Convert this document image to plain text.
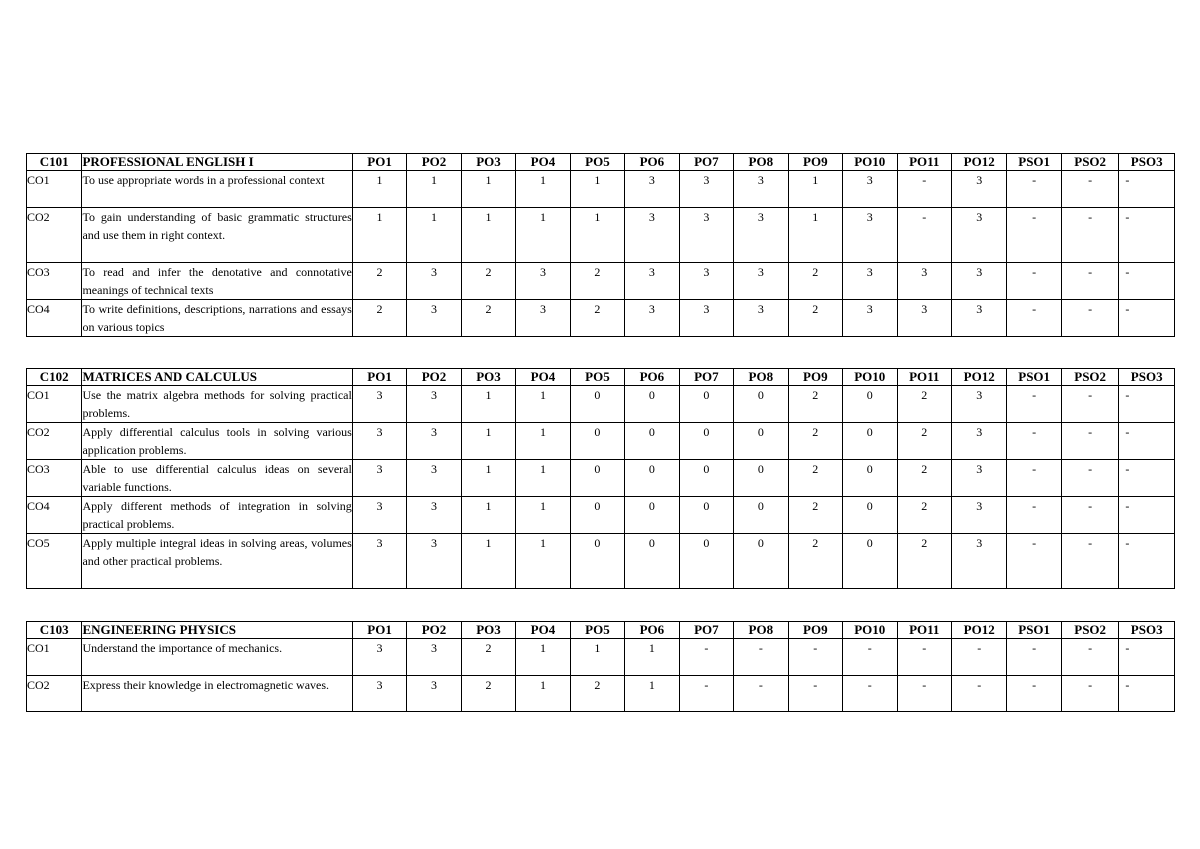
C101	PROFESSIONAL ENGLISH I	PO1	PO2	PO3	PO4	PO5	PO6	PO7	PO8	PO9	PO10	PO11	PO12	PSO1	PSO2	PSO3
CO1	To use appropriate words in a professional context	1	1	1	1	1	3	3	3	1	3	-	3	-	-	-
CO2	To gain understanding of basic grammatic structures and use them in right context.	1	1	1	1	1	3	3	3	1	3	-	3	-	-	-
CO3	To read and infer the denotative and connotative meanings of technical texts	2	3	2	3	2	3	3	3	2	3	3	3	-	-	-
CO4	To write definitions, descriptions, narrations and essays on various topics	2	3	2	3	2	3	3	3	2	3	3	3	-	-	-
C102	MATRICES AND CALCULUS	PO1	PO2	PO3	PO4	PO5	PO6	PO7	PO8	PO9	PO10	PO11	PO12	PSO1	PSO2	PSO3
CO1	Use the matrix algebra methods for solving practical problems.	3	3	1	1	0	0	0	0	2	0	2	3	-	-	-
CO2	Apply differential calculus tools in solving various application problems.	3	3	1	1	0	0	0	0	2	0	2	3	-	-	-
CO3	Able to use differential calculus ideas on several variable functions.	3	3	1	1	0	0	0	0	2	0	2	3	-	-	-
CO4	Apply different methods of integration in solving practical problems.	3	3	1	1	0	0	0	0	2	0	2	3	-	-	-
CO5	Apply multiple integral ideas in solving areas, volumes and other practical problems.	3	3	1	1	0	0	0	0	2	0	2	3	-	-	-
C103	ENGINEERING PHYSICS	PO1	PO2	PO3	PO4	PO5	PO6	PO7	PO8	PO9	PO10	PO11	PO12	PSO1	PSO2	PSO3
CO1	Understand the importance of mechanics.	3	3	2	1	1	1	-	-	-	-	-	-	-	-	-
CO2	Express their knowledge in electromagnetic waves.	3	3	2	1	2	1	-	-	-	-	-	-	-	-	-
